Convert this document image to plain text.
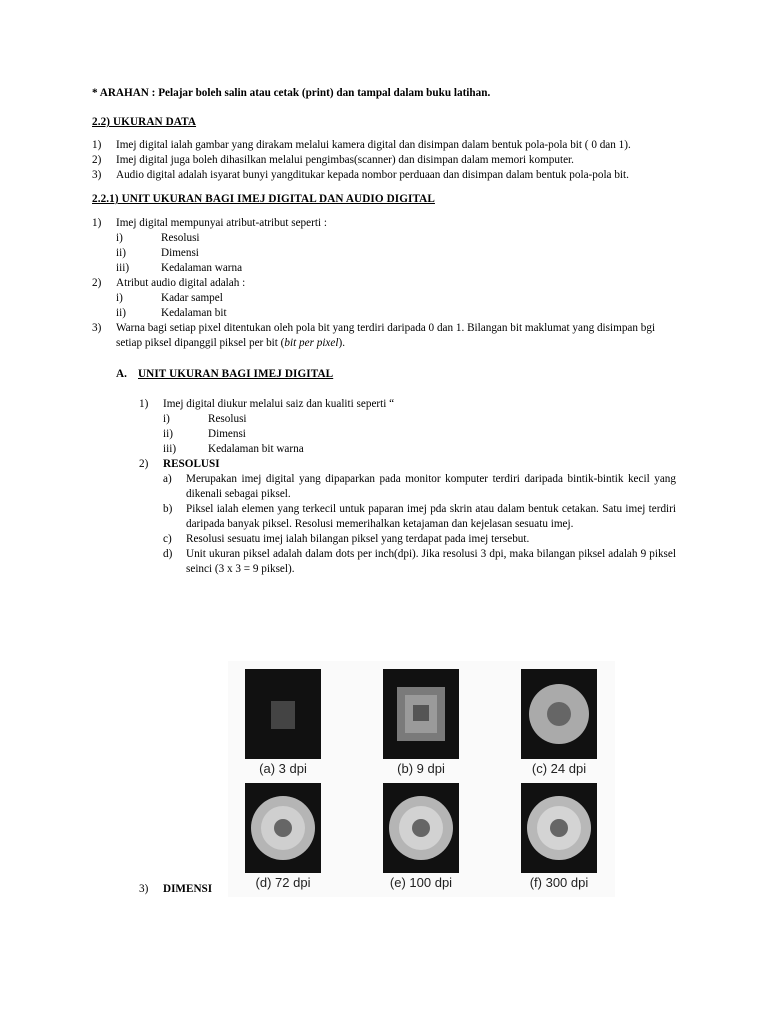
* ARAHAN : Pelajar boleh salin atau cetak (print) dan tampal dalam buku latihan.

2.2) UKURAN DATA

1)	Imej digital ialah gambar yang dirakam melalui kamera digital dan disimpan dalam bentuk pola-pola bit ( 0 dan 1).
2)	Imej digital juga boleh dihasilkan melalui pengimbas(scanner) dan disimpan dalam memori komputer.
3)	Audio digital adalah isyarat bunyi yangditukar kepada nombor perduaan dan disimpan dalam bentuk pola-pola bit.

2.2.1) UNIT UKURAN BAGI IMEJ DIGITAL DAN AUDIO DIGITAL

1)	Imej digital mempunyai atribut-atribut seperti :
i)	Resolusi
ii)	Dimensi
iii)	Kedalaman warna
2)	Atribut audio digital adalah :
i)	Kadar sampel
ii)	Kedalaman bit
3)	Warna bagi setiap pixel ditentukan oleh pola bit yang terdiri daripada 0 dan 1. Bilangan bit maklumat yang disimpan bgi setiap piksel dipanggil piksel per bit (bit per pixel).
A. UNIT UKURAN BAGI IMEJ DIGITAL
1)	Imej digital diukur melalui saiz dan kualiti seperti “
i)	Resolusi
ii)	Dimensi
iii)	Kedalaman bit warna
2)	RESOLUSI
a)	Merupakan imej digital yang dipaparkan pada monitor komputer terdiri daripada bintik-bintik kecil yang dikenali sebagai piksel.
b)	Piksel ialah elemen yang terkecil untuk paparan imej pda skrin atau dalam bentuk cetakan. Satu imej terdiri daripada banyak piksel. Resolusi memerihalkan ketajaman dan kejelasan sesuatu imej.
c)	Resolusi sesuatu imej ialah bilangan piksel yang terdapat pada imej tersebut.
d)	Unit ukuran piksel adalah dalam dots per inch(dpi). Jika resolusi 3 dpi, maka bilangan piksel adalah 9 piksel seinci (3 x 3 = 9 piksel).
(a) 3 dpi	(b) 9 dpi	(c) 24 dpi
(d) 72 dpi	(e) 100 dpi	(f) 300 dpi
3)	DIMENSI
